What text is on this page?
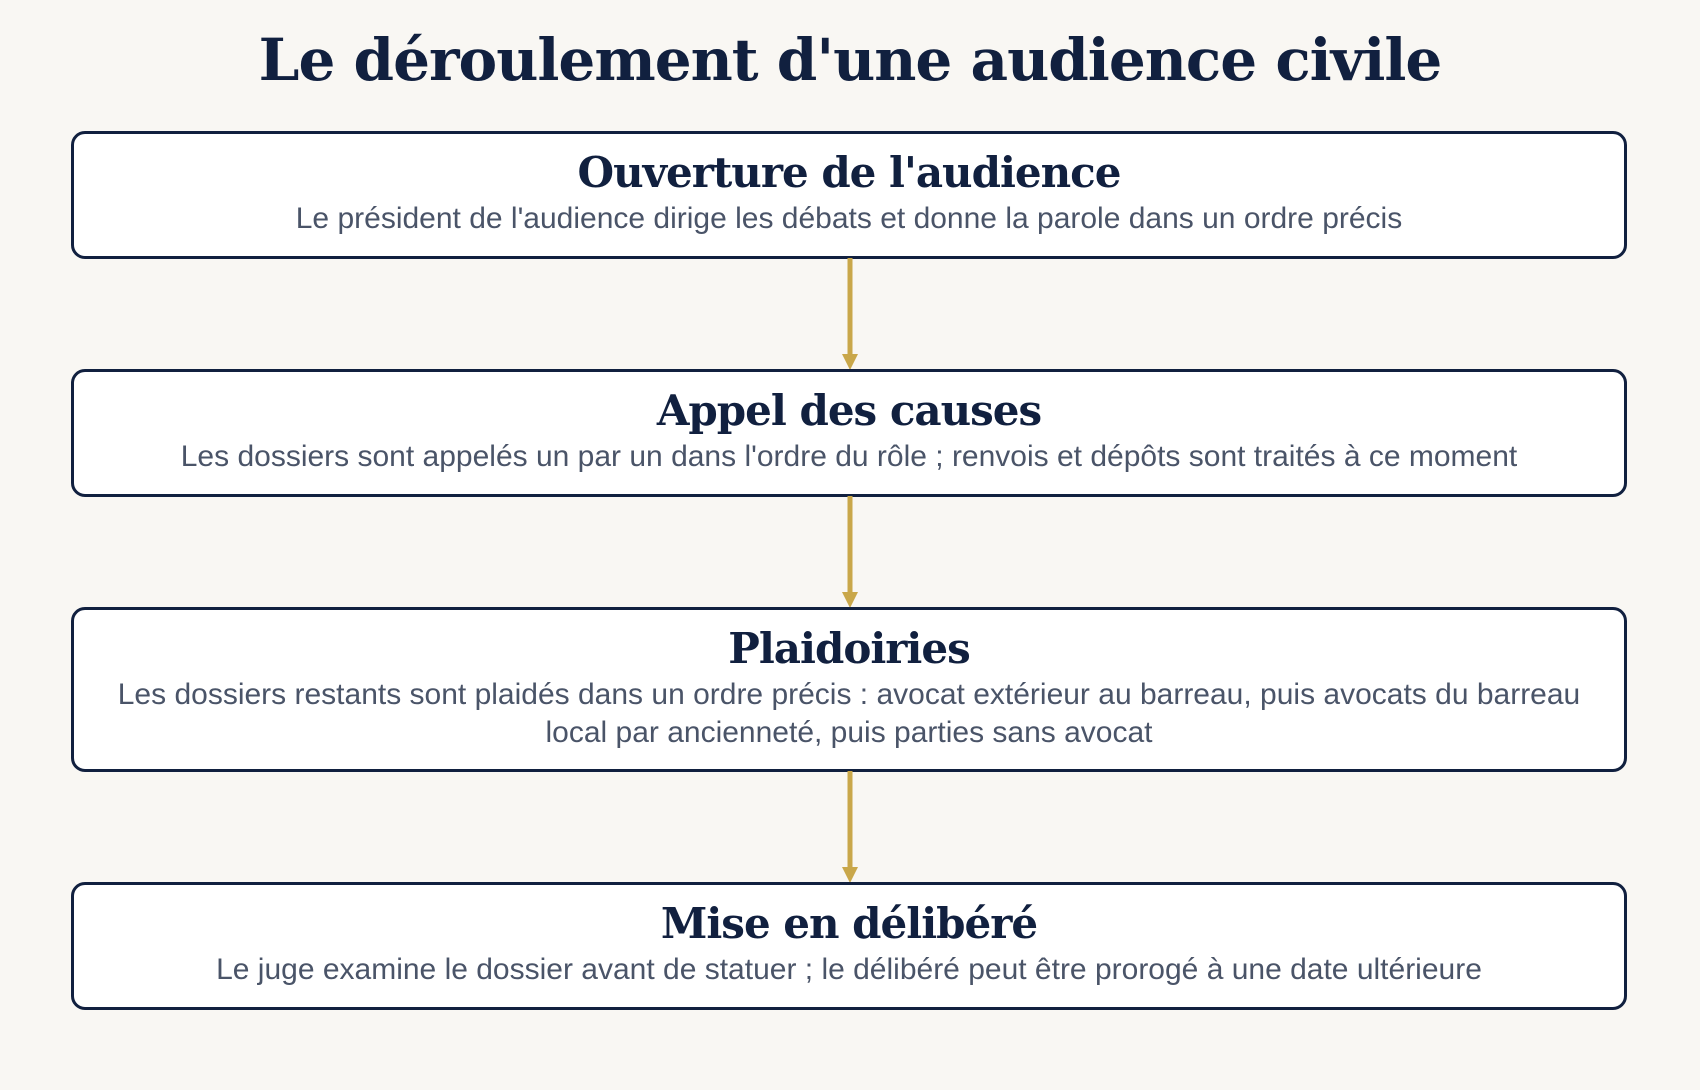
Le déroulement d'une audience civile
Ouverture de l'audience
Le président de l'audience dirige les débats et donne la parole dans un ordre précis
Appel des causes
Les dossiers sont appelés un par un dans l'ordre du rôle ; renvois et dépôts sont traités à ce moment
Plaidoiries
Les dossiers restants sont plaidés dans un ordre précis : avocat extérieur au barreau, puis avocats du barreau local par ancienneté, puis parties sans avocat
Mise en délibéré
Le juge examine le dossier avant de statuer ; le délibéré peut être prorogé à une date ultérieure
